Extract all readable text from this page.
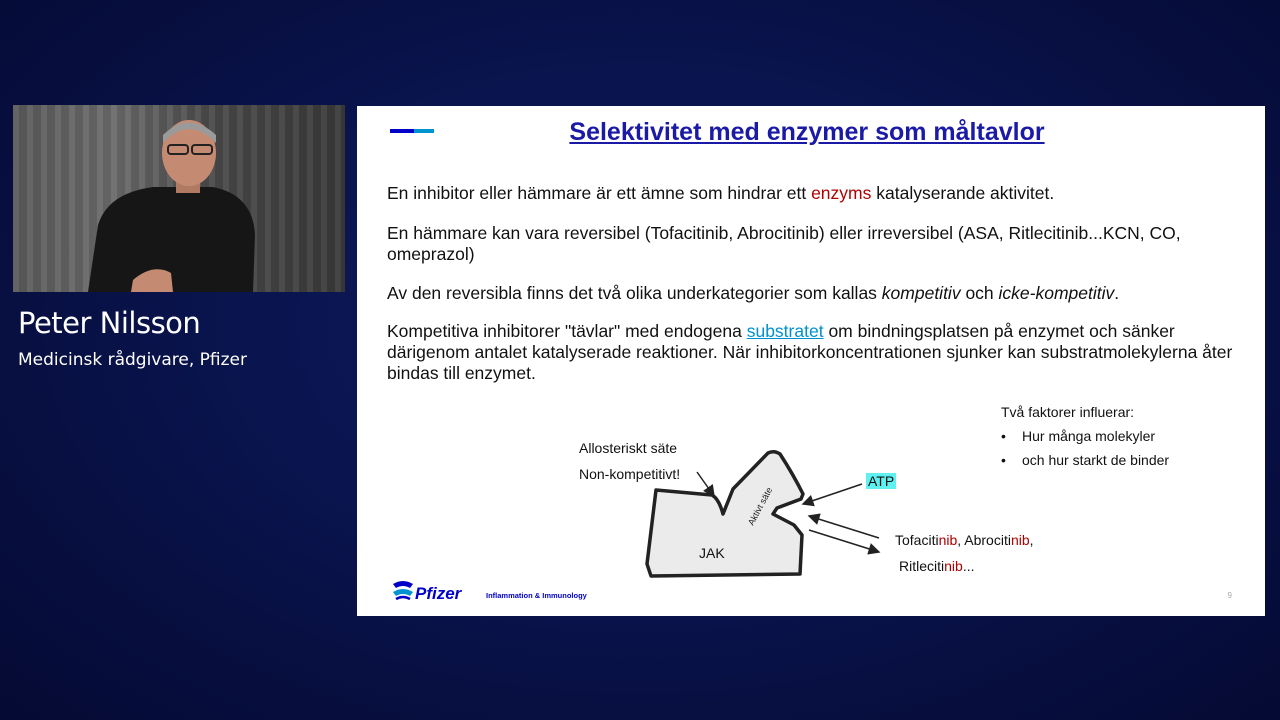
Peter Nilsson
Medicinsk rådgivare, Pfizer
Selektivitet med enzymer som måltavlor
En inhibitor eller hämmare är ett ämne som hindrar ett enzyms katalyserande aktivitet.
En hämmare kan vara reversibel (Tofacitinib, Abrocitinib) eller irreversibel (ASA, Ritlecitinib...KCN, CO, omeprazol)
Av den reversibla finns det två olika underkategorier som kallas kompetitiv och icke-kompetitiv.
Kompetitiva inhibitorer "tävlar" med endogena substratet om bindningsplatsen på enzymet och sänker därigenom antalet katalyserade reaktioner. När inhibitorkoncentrationen sjunker kan substratmolekylerna åter bindas till enzymet.
Aktivt säte
Allosteriskt säte
Non-kompetitivt!
JAK
ATP
Tofacitinib, Abrocitinib,
Ritlecitinib...
Två faktorer influerar:
• Hur många molekyler
• och hur starkt de binder
Pfizer	Inflammation & Immunology	9
